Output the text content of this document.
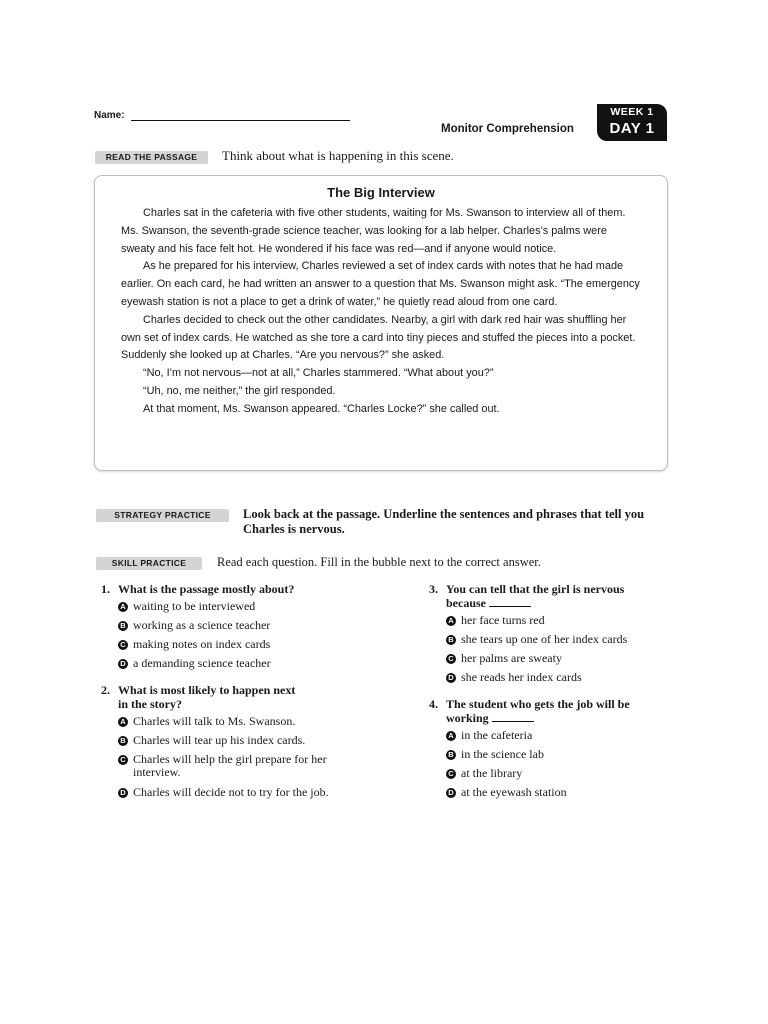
Name:
Monitor Comprehension
WEEK 1
DAY 1
READ THE PASSAGE	Think about what is happening in this scene.
The Big Interview

Charles sat in the cafeteria with five other students, waiting for Ms. Swanson to interview all of them. Ms. Swanson, the seventh-grade science teacher, was looking for a lab helper. Charles’s palms were sweaty and his face felt hot. He wondered if his face was red—and if anyone would notice.

As he prepared for his interview, Charles reviewed a set of index cards with notes that he had made earlier. On each card, he had written an answer to a question that Ms. Swanson might ask. “The emergency eyewash station is not a place to get a drink of water,” he quietly read aloud from one card.

Charles decided to check out the other candidates. Nearby, a girl with dark red hair was shuffling her own set of index cards. He watched as she tore a card into tiny pieces and stuffed the pieces into a pocket. Suddenly she looked up at Charles. “Are you nervous?” she asked.

“No, I’m not nervous—not at all,” Charles stammered. “What about you?”

“Uh, no, me neither,” the girl responded.

At that moment, Ms. Swanson appeared. “Charles Locke?” she called out.

STRATEGY PRACTICE	Look back at the passage. Underline the sentences and phrases that tell you Charles is nervous.
SKILL PRACTICE	Read each question. Fill in the bubble next to the correct answer.
1. What is the passage mostly about?
A waiting to be interviewed
B working as a science teacher
C making notes on index cards
D a demanding science teacher
2. What is most likely to happen next
in the story?
A Charles will talk to Ms. Swanson.
B Charles will tear up his index cards.
C Charles will help the girl prepare for her interview.
D Charles will decide not to try for the job.
3. You can tell that the girl is nervous
because
A her face turns red
B she tears up one of her index cards
C her palms are sweaty
D she reads her index cards
4. The student who gets the job will be
working
A in the cafeteria
B in the science lab
C at the library
D at the eyewash station
